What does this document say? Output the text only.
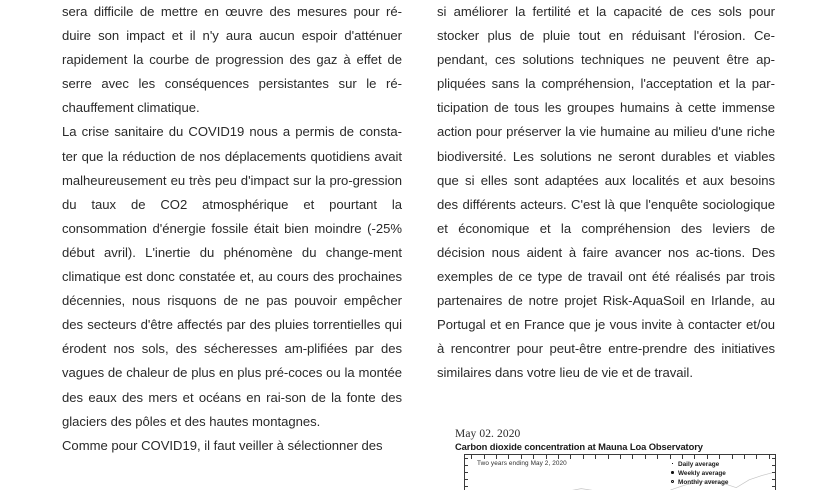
sera difficile de mettre en œuvre des mesures pour ré-duire son impact et il n'y aura aucun espoir d'atténuer rapidement la courbe de progression des gaz à effet de serre avec les conséquences persistantes sur le ré-chauffement climatique.

La crise sanitaire du COVID19 nous a permis de consta-ter que la réduction de nos déplacements quotidiens avait malheureusement eu très peu d'impact sur la pro-gression du taux de CO2 atmosphérique et pourtant la consommation d'énergie fossile était bien moindre (-25% début avril). L'inertie du phénomène du change-ment climatique est donc constatée et, au cours des prochaines décennies, nous risquons de ne pas pouvoir empêcher des secteurs d'être affectés par des pluies torrentielles qui érodent nos sols, des sécheresses am-plifiées par des vagues de chaleur de plus en plus pré-coces ou la montée des eaux des mers et océans en rai-son de la fonte des glaciers des pôles et des hautes montagnes.

Comme pour COVID19, il faut veiller à sélectionner des

si améliorer la fertilité et la capacité de ces sols pour stocker plus de pluie tout en réduisant l'érosion. Ce-pendant, ces solutions techniques ne peuvent être ap-pliquées sans la compréhension, l'acceptation et la par-ticipation de tous les groupes humains à cette immense action pour préserver la vie humaine au milieu d'une riche biodiversité. Les solutions ne seront durables et viables que si elles sont adaptées aux localités et aux besoins des différents acteurs. C'est là que l'enquête sociologique et économique et la compréhension des leviers de décision nous aident à faire avancer nos ac-tions. Des exemples de ce type de travail ont été réalisés par trois partenaires de notre projet Risk-AquaSoil en Irlande, au Portugal et en France que je vous invite à contacter et/ou à rencontrer pour peut-être entre-prendre des initiatives similaires dans votre lieu de vie et de travail.

May 02. 2020
Carbon dioxide concentration at Mauna Loa Observatory
Two years ending May 2, 2020	Daily average
Weekly average
Monthly average
